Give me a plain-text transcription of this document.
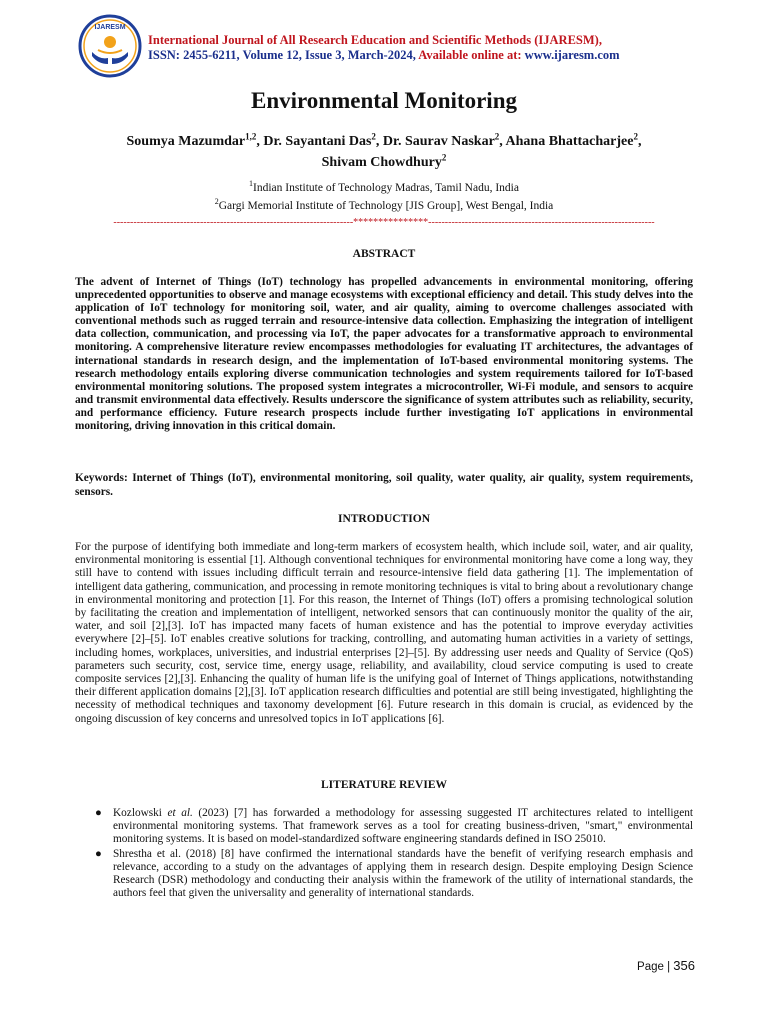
IJARESM
International Journal of All Research Education and Scientific Methods (IJARESM),
ISSN: 2455-6211, Volume 12, Issue 3, March-2024, Available online at: www.ijaresm.com
Environmental Monitoring
Soumya Mazumdar$^{1,2}$, Dr. Sayantani Das$^2$, Dr. Saurav Naskar$^2$, Ahana Bhattacharjee$^2$,
Shivam Chowdhury$^2$
$^1$Indian Institute of Technology Madras, Tamil Nadu, India
$^2$Gargi Memorial Institute of Technology [JIS Group], West Bengal, India
------------------------------------------------------------------------***************--------------------------------------------------------------------
ABSTRACT
The advent of Internet of Things (IoT) technology has propelled advancements in environmental monitoring, offering unprecedented opportunities to observe and manage ecosystems with exceptional efficiency and detail. This study delves into the application of IoT technology for monitoring soil, water, and air quality, aiming to overcome challenges associated with conventional methods such as rugged terrain and resource-intensive data collection. Emphasizing the integration of intelligent data collection, communication, and processing via IoT, the paper advocates for a transformative approach to environmental monitoring. A comprehensive literature review encompasses methodologies for evaluating IT architectures, the advantages of international standards in research design, and the implementation of IoT-based environmental monitoring systems. The research methodology entails exploring diverse communication technologies and system requirements tailored for IoT-based environmental monitoring solutions. The proposed system integrates a microcontroller, Wi-Fi module, and sensors to acquire and transmit environmental data effectively. Results underscore the significance of system attributes such as reliability, security, and performance efficiency. Future research prospects include further investigating IoT applications in environmental monitoring, driving innovation in this critical domain.
Keywords: Internet of Things (IoT), environmental monitoring, soil quality, water quality, air quality, system requirements, sensors.
INTRODUCTION
For the purpose of identifying both immediate and long-term markers of ecosystem health, which include soil, water, and air quality, environmental monitoring is essential [1]. Although conventional techniques for environmental monitoring have come a long way, they still have to contend with issues including difficult terrain and resource-intensive field data gathering [1]. The implementation of intelligent data gathering, communication, and processing in remote monitoring techniques is vital to bring about a revolutionary change in environmental monitoring and protection [1]. For this reason, the Internet of Things (IoT) offers a promising technological solution by facilitating the creation and implementation of intelligent, networked sensors that can continuously monitor the quality of the air, water, and soil [2],[3]. IoT has impacted many facets of human existence and has the potential to improve everyday activities everywhere [2]–[5]. IoT enables creative solutions for tracking, controlling, and automating human activities in a variety of settings, including homes, workplaces, universities, and industrial enterprises [2]–[5]. By addressing user needs and Quality of Service (QoS) parameters such security, cost, service time, energy usage, reliability, and availability, cloud service computing is used to create composite services [2],[3]. Enhancing the quality of human life is the unifying goal of Internet of Things applications, notwithstanding their different application domains [2],[3]. IoT application research difficulties and potential are still being investigated, highlighting the necessity of methodical techniques and taxonomy development [6]. Future research in this domain is crucial, as evidenced by the ongoing discussion of key concerns and unresolved topics in IoT applications [6].
LITERATURE REVIEW
● Kozlowski et al. (2023) [7] has forwarded a methodology for assessing suggested IT architectures related to intelligent environmental monitoring systems. That framework serves as a tool for creating business-driven, "smart," environmental monitoring systems. It is based on model-standardized software engineering standards defined in ISO 25010.
● Shrestha et al. (2018) [8] have confirmed the international standards have the benefit of verifying research emphasis and relevance, according to a study on the advantages of applying them in research design. Despite employing Design Science Research (DSR) methodology and conducting their analysis within the framework of the utility of international standards, the authors feel that given the universality and generality of international standards.
Page | 356
